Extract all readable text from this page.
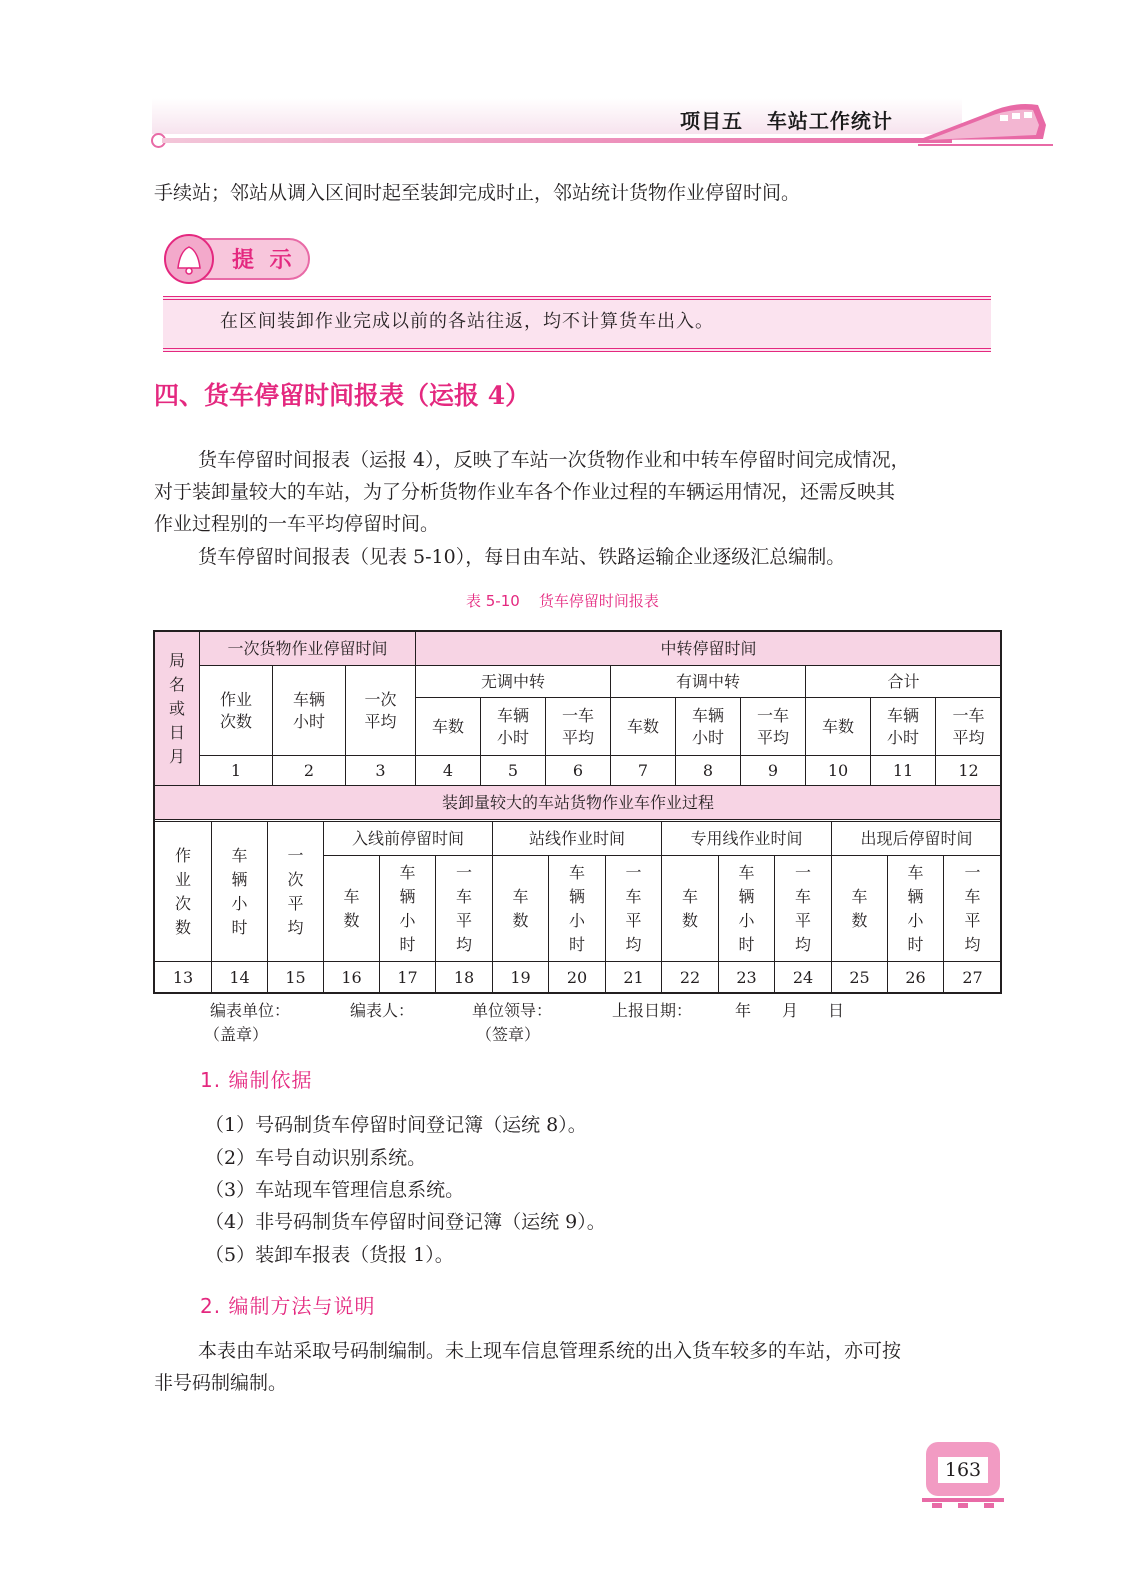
项目五   车站工作统计
手续站；邻站从调入区间时起至装卸完成时止，邻站统计货物作业停留时间。
提 示
在区间装卸作业完成以前的各站往返，均不计算货车出入。
四、货车停留时间报表（运报 4）
货车停留时间报表（运报 4），反映了车站一次货物作业和中转车停留时间完成情况，
对于装卸量较大的车站，为了分析货物作业车各个作业过程的车辆运用情况，还需反映其
作业过程别的一车平均停留时间。
货车停留时间报表（见表 5-10），每日由车站、铁路运输企业逐级汇总编制。
表 5-10    货车停留时间报表
局名或日月	一次货物作业停留时间			中转停留时间								
	作业次数	车辆小时	一次平均	无调中转			有调中转			合计		
				车数	车辆小时	一车平均	车数	车辆小时	一车平均	车数	车辆小时	一车平均
	1	2	3	4	5	6	7	8	9	10	11	12
装卸量较大的车站货物作业车作业过程												
作业次数	车辆小时	一次平均	入线前停留时间			站线作业时间			专用线作业时间			出现后停留时间		
			车数	车辆小时	一车平均	车数	车辆小时	一车平均	车数	车辆小时	一车平均	车数	车辆小时	一车平均
13	14	15	16	17	18	19	20	21	22	23	24	25	26	27
编表单位：	编表人：	单位领导：	上报日期：	年 月 日
（盖章）	（签章）
1. 编制依据
（1）号码制货车停留时间登记簿（运统 8）。
（2）车号自动识别系统。
（3）车站现车管理信息系统。
（4）非号码制货车停留时间登记簿（运统 9）。
（5）装卸车报表（货报 1）。
2. 编制方法与说明
本表由车站采取号码制编制。未上现车信息管理系统的出入货车较多的车站，亦可按
非号码制编制。
163
